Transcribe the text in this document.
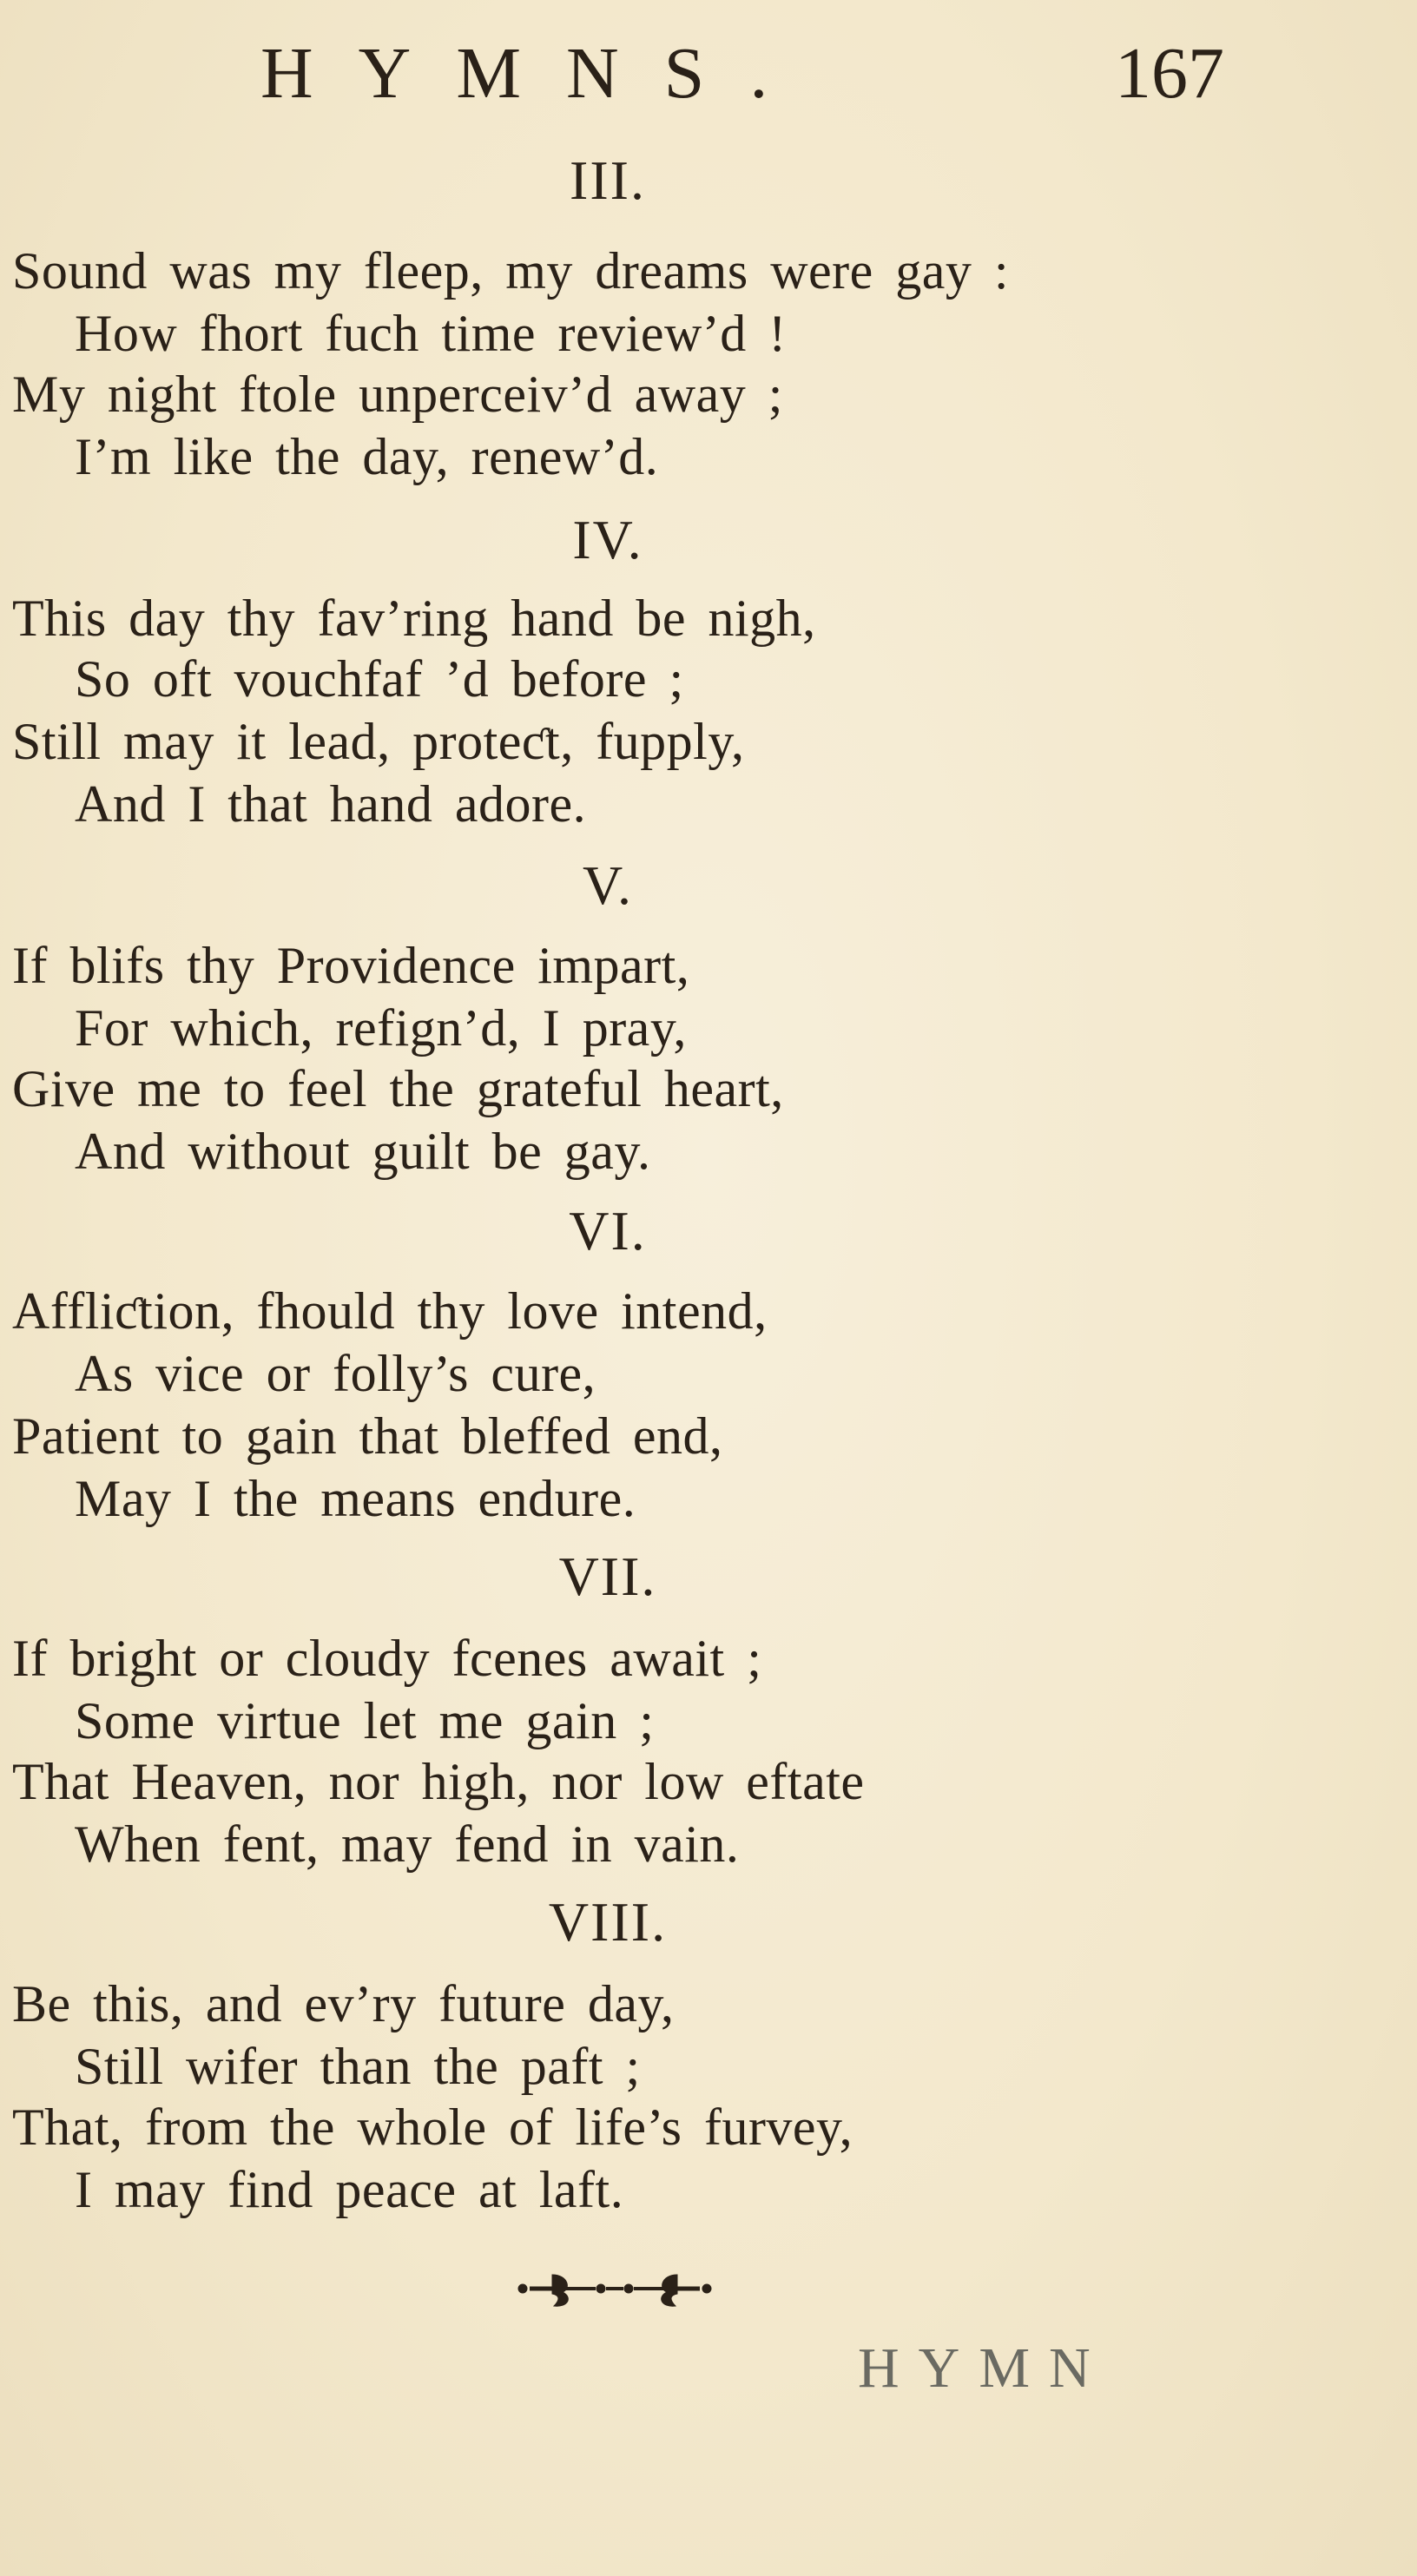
HYMNS.	167
III.
Sound was my fleep, my dreams were gay :
How fhort fuch time review’d !
My night ftole unperceiv’d away ;
I’m like the day, renew’d.
IV.
This day thy fav’ring hand be nigh,
So oft vouchfaf ’d before ;
Still may it lead, proteƈt, fupply,
And I that hand adore.
V.
If blifs thy Providence impart,
For which, refign’d, I pray,
Give me to feel the grateful heart,
And without guilt be gay.
VI.
Affliƈtion, fhould thy love intend,
As vice or folly’s cure,
Patient to gain that bleffed end,
May I the means endure.
VII.
If bright or cloudy fcenes await ;
Some virtue let me gain ;
That Heaven, nor high, nor low eftate
When fent, may fend in vain.
VIII.
Be this, and ev’ry future day,
Still wifer than the paft ;
That, from the whole of life’s furvey,
I may find peace at laft.
HYMN
